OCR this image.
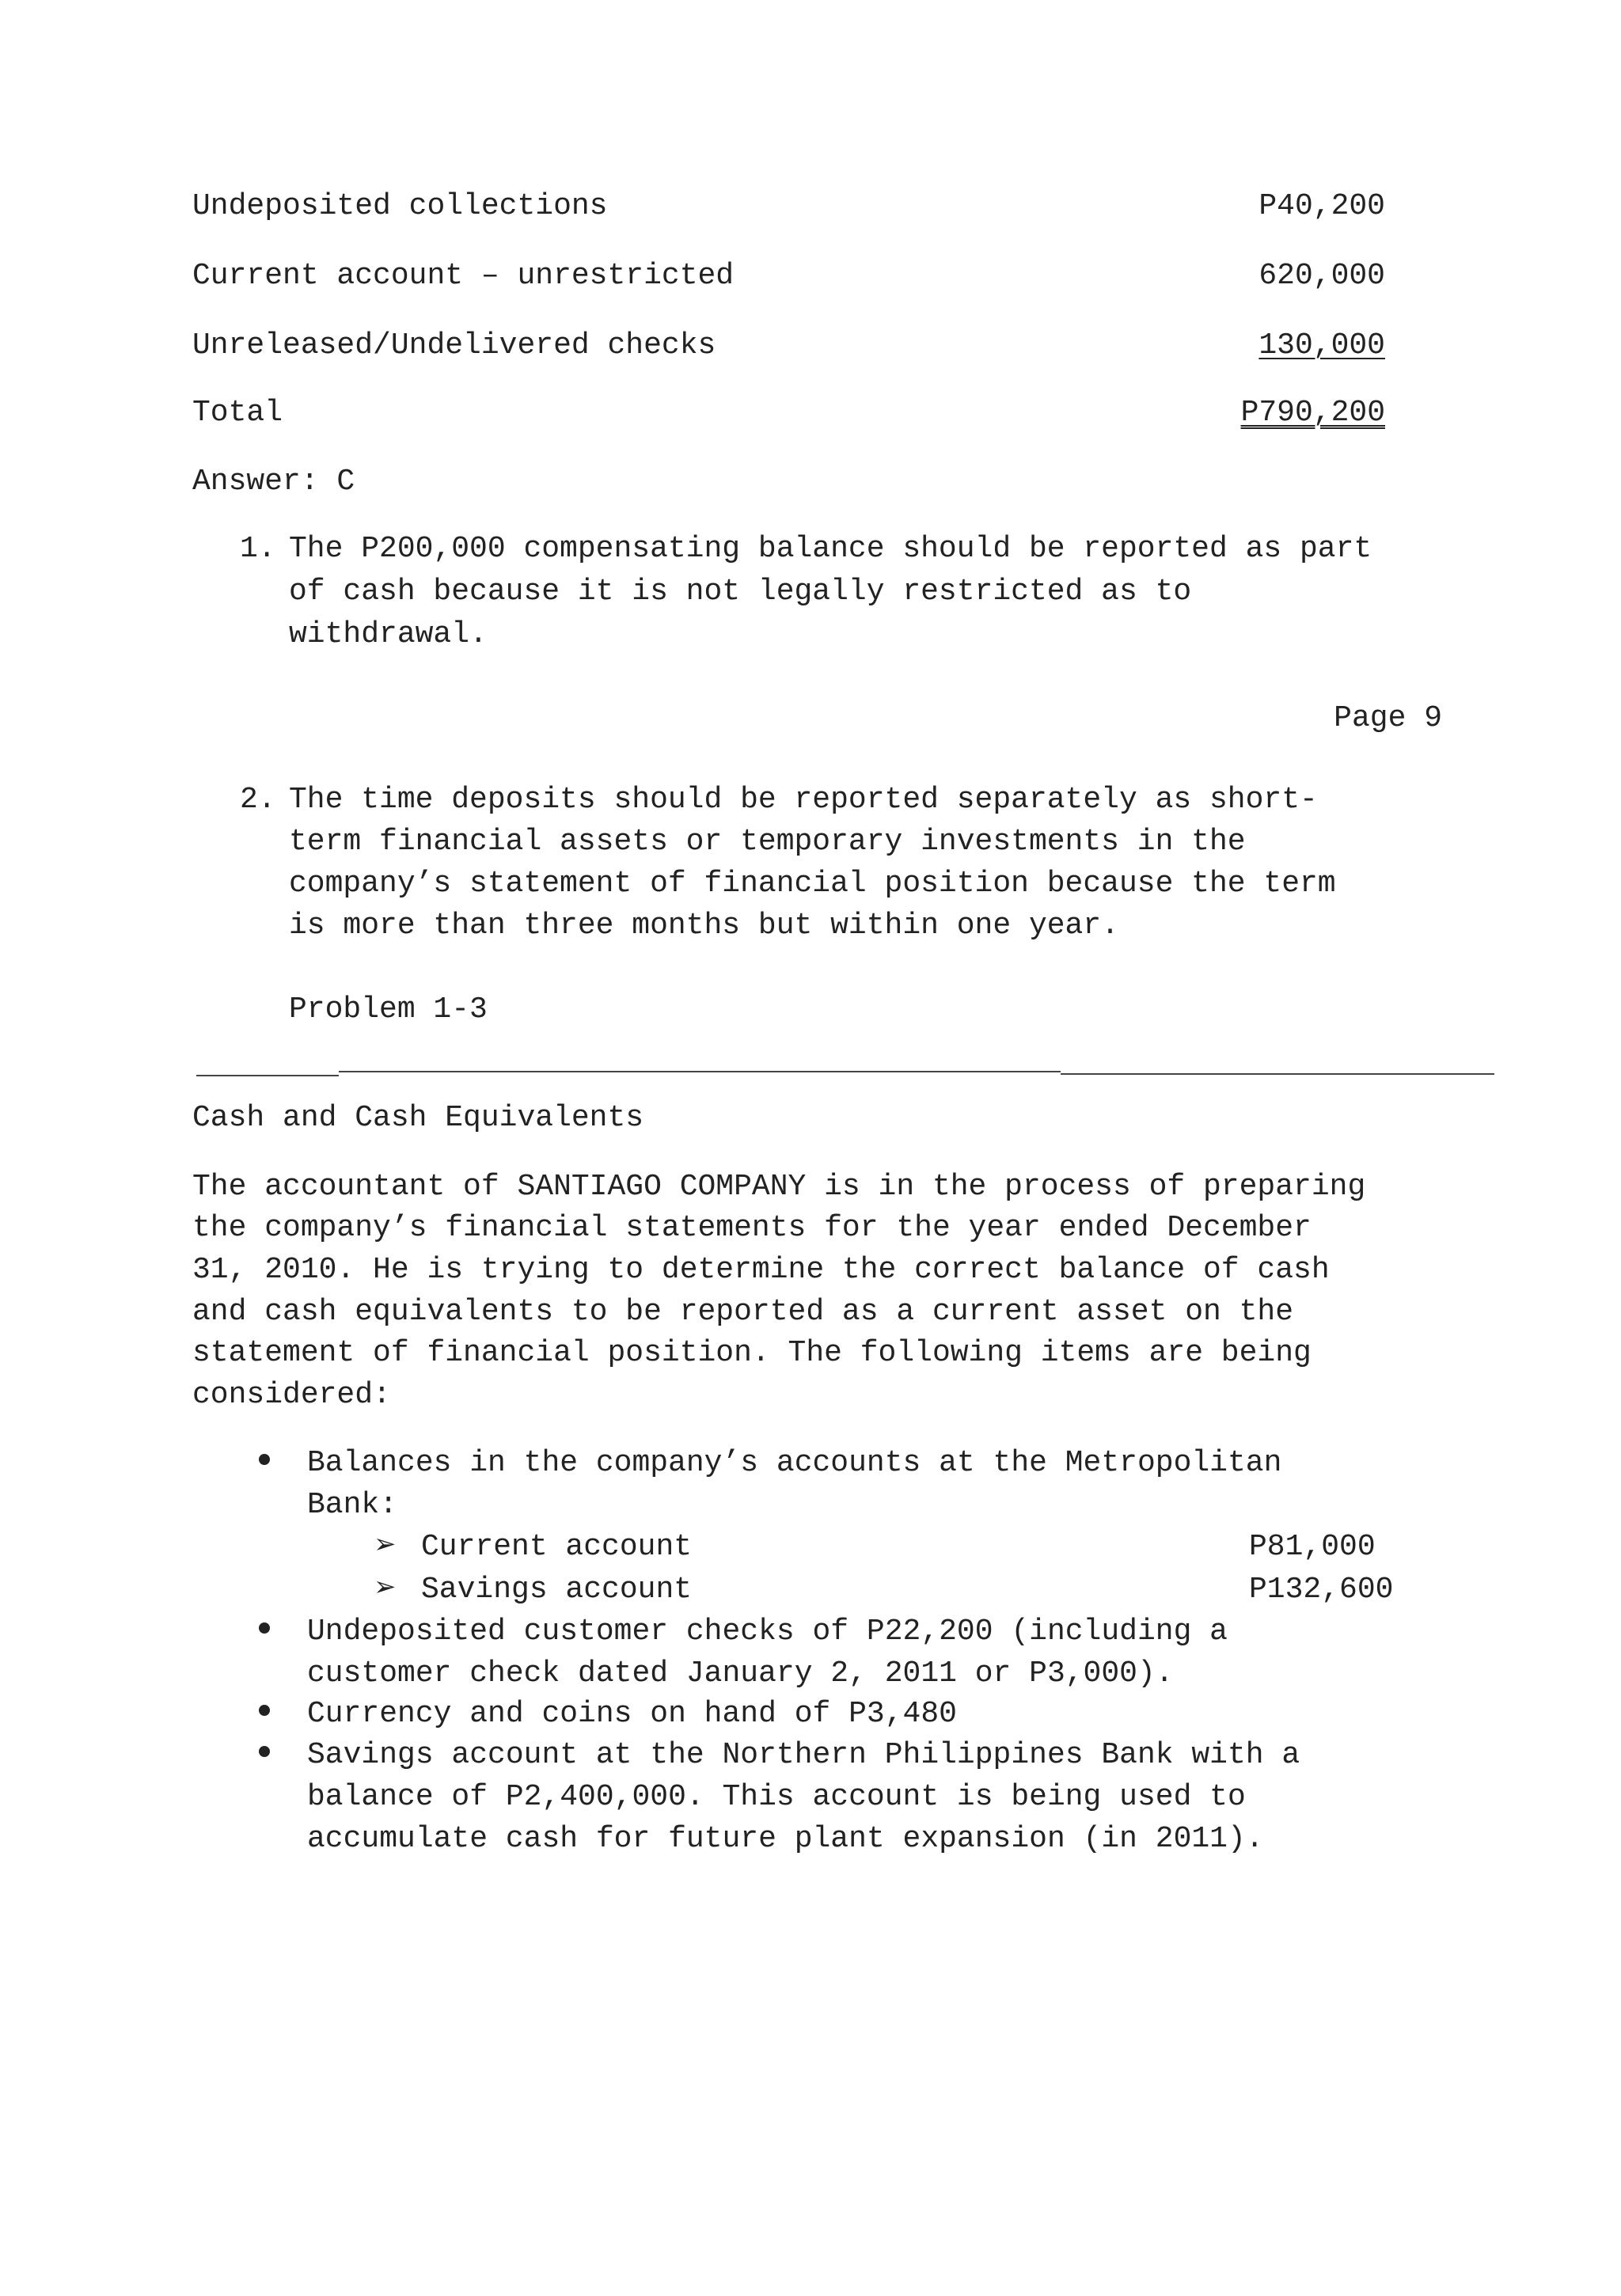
Undeposited collections	P40,200
Current account – unrestricted	620,000
Unreleased/Undelivered checks	130,000
Total	P790,200
Answer: C
1. The P200,000 compensating balance should be reported as part
of cash because it is not legally restricted as to
withdrawal.
Page 9
2. The time deposits should be reported separately as short-
term financial assets or temporary investments in the
company’s statement of financial position because the term
is more than three months but within one year.
Problem 1-3
Cash and Cash Equivalents
The accountant of SANTIAGO COMPANY is in the process of preparing
the company’s financial statements for the year ended December
31, 2010. He is trying to determine the correct balance of cash
and cash equivalents to be reported as a current asset on the
statement of financial position. The following items are being
considered:
Balances in the company’s accounts at the Metropolitan
Bank:
➢ Current account	P81,000
➢ Savings account	P132,600
Undeposited customer checks of P22,200 (including a
customer check dated January 2, 2011 or P3,000).
Currency and coins on hand of P3,480
Savings account at the Northern Philippines Bank with a
balance of P2,400,000. This account is being used to
accumulate cash for future plant expansion (in 2011).
